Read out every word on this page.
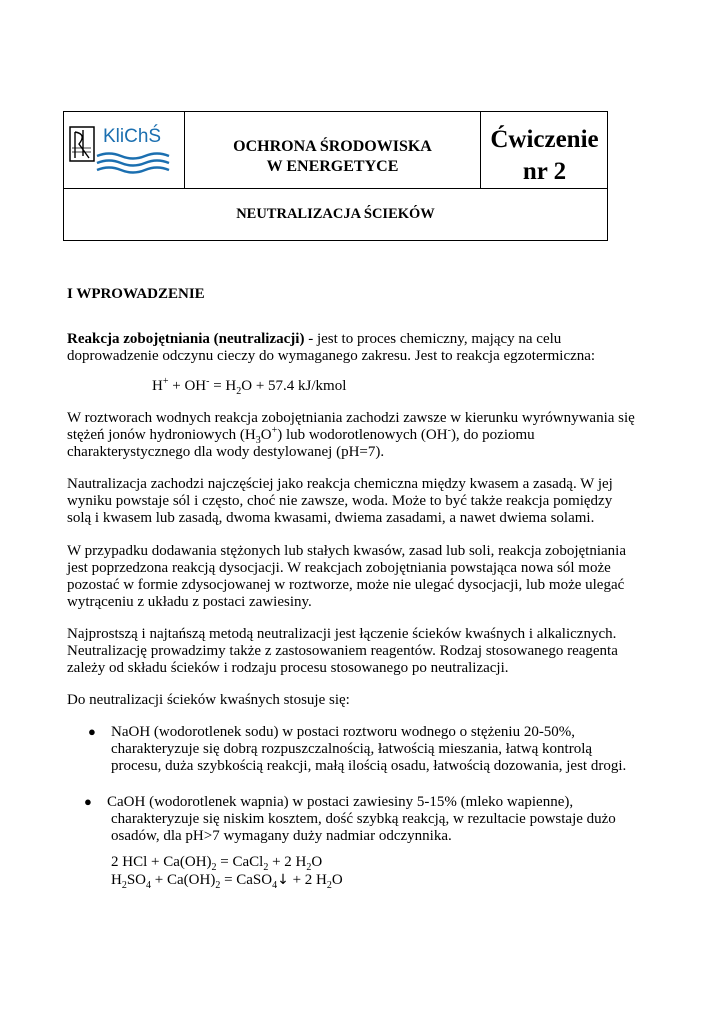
KliChŚ	OCHRONA ŚRODOWISKA
W ENERGETYCE
Ćwiczenie
nr 2
NEUTRALIZACJA ŚCIEKÓW
I WPROWADZENIE
Reakcja zobojętniania (neutralizacji) - jest to proces chemiczny, mający na celu
doprowadzenie odczynu cieczy do wymaganego zakresu. Jest to reakcja egzotermiczna:
$H^+ + OH^- = H_2O + 57.4$ kJ/kmol
W roztworach wodnych reakcja zobojętniania zachodzi zawsze w kierunku wyrównywania się
stężeń jonów hydroniowych $(H_3O^+)$ lub wodorotlenowych (OH-), do poziomu
charakterystycznego dla wody destylowanej (pH=7).
Nautralizacja zachodzi najczęściej jako reakcja chemiczna między kwasem a zasadą. W jej
wyniku powstaje sól i często, choć nie zawsze, woda. Może to być także reakcja pomiędzy
solą i kwasem lub zasadą, dwoma kwasami, dwiema zasadami, a nawet dwiema solami.
W przypadku dodawania stężonych lub stałych kwasów, zasad lub soli, reakcja zobojętniania
jest poprzedzona reakcją dysocjacji. W reakcjach zobojętniania powstająca nowa sól może
pozostać w formie zdysocjowanej w roztworze, może nie ulegać dysocjacji, lub może ulegać
wytrąceniu z układu z postaci zawiesiny.
Najprostszą i najtańszą metodą neutralizacji jest łączenie ścieków kwaśnych i alkalicznych.
Neutralizację prowadzimy także z zastosowaniem reagentów. Rodzaj stosowanego reagenta
zależy od składu ścieków i rodzaju procesu stosowanego po neutralizacji.
Do neutralizacji ścieków kwaśnych stosuje się:
● NaOH (wodorotlenek sodu) w postaci roztworu wodnego o stężeniu 20-50%,
charakteryzuje się dobrą rozpuszczalnością, łatwością mieszania, łatwą kontrolą
procesu, duża szybkością reakcji, małą ilością osadu, łatwością dozowania, jest drogi.
● CaOH (wodorotlenek wapnia) w postaci zawiesiny 5-15% (mleko wapienne),
charakteryzuje się niskim kosztem, dość szybką reakcją, w rezultacie powstaje dużo
osadów, dla pH>7 wymagany duży nadmiar odczynnika.
2 HCl + $Ca(OH)_2$ = CaCl$_2$ + 2 $H_2O$
$H_2SO_4 + Ca(OH)_2$ = CaSO$_4$↓ + 2 $H_2O$
